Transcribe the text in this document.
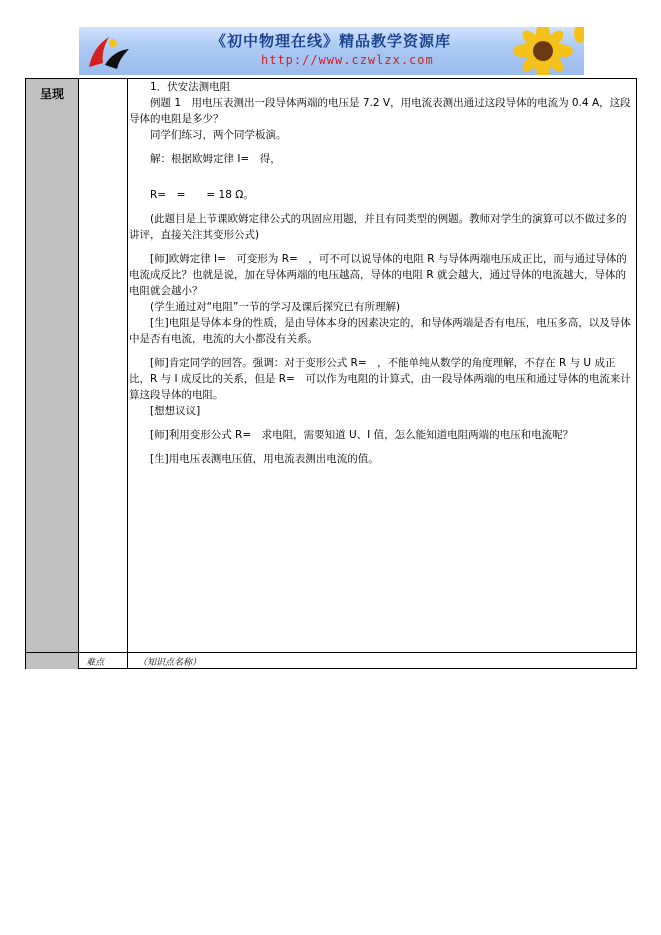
《初中物理在线》精品教学资源库
http://www.czwlzx.com
呈现	1．伏安法测电阻

例题 1　用电压表测出一段导体两端的电压是 7.2 V，用电流表测出通过这段导体的电流为 0.4 A，这段导体的电阻是多少？

同学们练习，两个同学板演。

解：根据欧姆定律 I=　得，

R=　=　　= 18 Ω。

(此题目是上节课欧姆定律公式的巩固应用题，并且有同类型的例题。教师对学生的演算可以不做过多的讲评，直接关注其变形公式)

[师]欧姆定律 I=　可变形为 R=　，可不可以说导体的电阻 R 与导体两端电压成正比，而与通过导体的电流成反比？也就是说，加在导体两端的电压越高，导体的电阻 R 就会越大，通过导体的电流越大，导体的电阻就会越小？

(学生通过对“电阻”一节的学习及课后探究已有所理解)

[生]电阻是导体本身的性质，是由导体本身的因素决定的，和导体两端是否有电压，电压多高，以及导体中是否有电流，电流的大小都没有关系。

[师]肯定同学的回答。强调：对于变形公式 R=　，不能单纯从数学的角度理解，不存在 R 与 U 成正比，R 与 I 成反比的关系，但是 R=　可以作为电阻的计算式，由一段导体两端的电压和通过导体的电流来计算这段导体的电阻。

[想想议议]

[师]利用变形公式 R=　求电阻，需要知道 U、I 值，怎么能知道电阻两端的电压和电流呢？

[生]用电压表测电压值，用电流表测出电流的值。

难点	（知识点名称）
